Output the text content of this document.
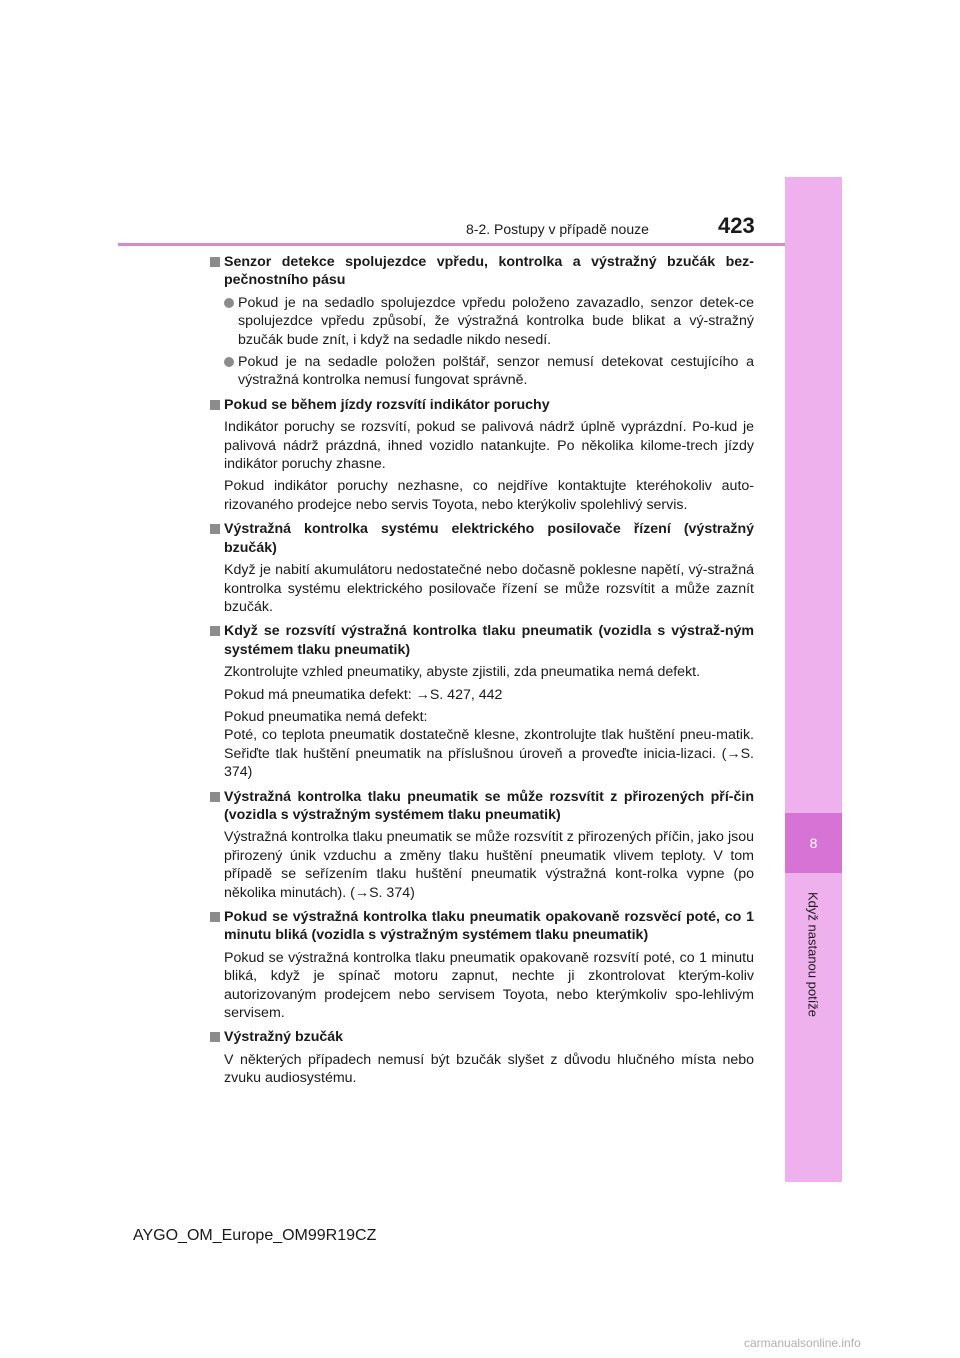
8
Když nastanou potíže
8-2. Postupy v případě nouze	423
Senzor detekce spolujezdce vpředu, kontrolka a výstražný bzučák bez-pečnostního pásu
Pokud je na sedadlo spolujezdce vpředu položeno zavazadlo, senzor detek-ce spolujezdce vpředu způsobí, že výstražná kontrolka bude blikat a vý-stražný bzučák bude znít, i když na sedadle nikdo nesedí.
Pokud je na sedadle položen polštář, senzor nemusí detekovat cestujícího a výstražná kontrolka nemusí fungovat správně.
Pokud se během jízdy rozsvítí indikátor poruchy

Indikátor poruchy se rozsvítí, pokud se palivová nádrž úplně vyprázdní. Po-kud je palivová nádrž prázdná, ihned vozidlo natankujte. Po několika kilome-trech jízdy indikátor poruchy zhasne.

Pokud indikátor poruchy nezhasne, co nejdříve kontaktujte kteréhokoliv auto-rizovaného prodejce nebo servis Toyota, nebo kterýkoliv spolehlivý servis.

Výstražná kontrolka systému elektrického posilovače řízení (výstražný bzučák)

Když je nabití akumulátoru nedostatečné nebo dočasně poklesne napětí, vý-stražná kontrolka systému elektrického posilovače řízení se může rozsvítit a může zaznít bzučák.

Když se rozsvítí výstražná kontrolka tlaku pneumatik (vozidla s výstraž-ným systémem tlaku pneumatik)

Zkontrolujte vzhled pneumatiky, abyste zjistili, zda pneumatika nemá defekt.

Pokud má pneumatika defekt: →S. 427, 442

Pokud pneumatika nemá defekt:
Poté, co teplota pneumatik dostatečně klesne, zkontrolujte tlak huštění pneu-matik. Seřiďte tlak huštění pneumatik na příslušnou úroveň a proveďte inicia-lizaci. (→S. 374)

Výstražná kontrolka tlaku pneumatik se může rozsvítit z přirozených pří-čin (vozidla s výstražným systémem tlaku pneumatik)

Výstražná kontrolka tlaku pneumatik se může rozsvítit z přirozených příčin, jako jsou přirozený únik vzduchu a změny tlaku huštění pneumatik vlivem teploty. V tom případě se seřízením tlaku huštění pneumatik výstražná kont-rolka vypne (po několika minutách). (→S. 374)

Pokud se výstražná kontrolka tlaku pneumatik opakovaně rozsvěcí poté, co 1 minutu bliká (vozidla s výstražným systémem tlaku pneumatik)

Pokud se výstražná kontrolka tlaku pneumatik opakovaně rozsvítí poté, co 1 minutu bliká, když je spínač motoru zapnut, nechte ji zkontrolovat kterým-koliv autorizovaným prodejcem nebo servisem Toyota, nebo kterýmkoliv spo-lehlivým servisem.

Výstražný bzučák

V některých případech nemusí být bzučák slyšet z důvodu hlučného místa nebo zvuku audiosystému.

AYGO_OM_Europe_OM99R19CZ
carmanualsonline.info
